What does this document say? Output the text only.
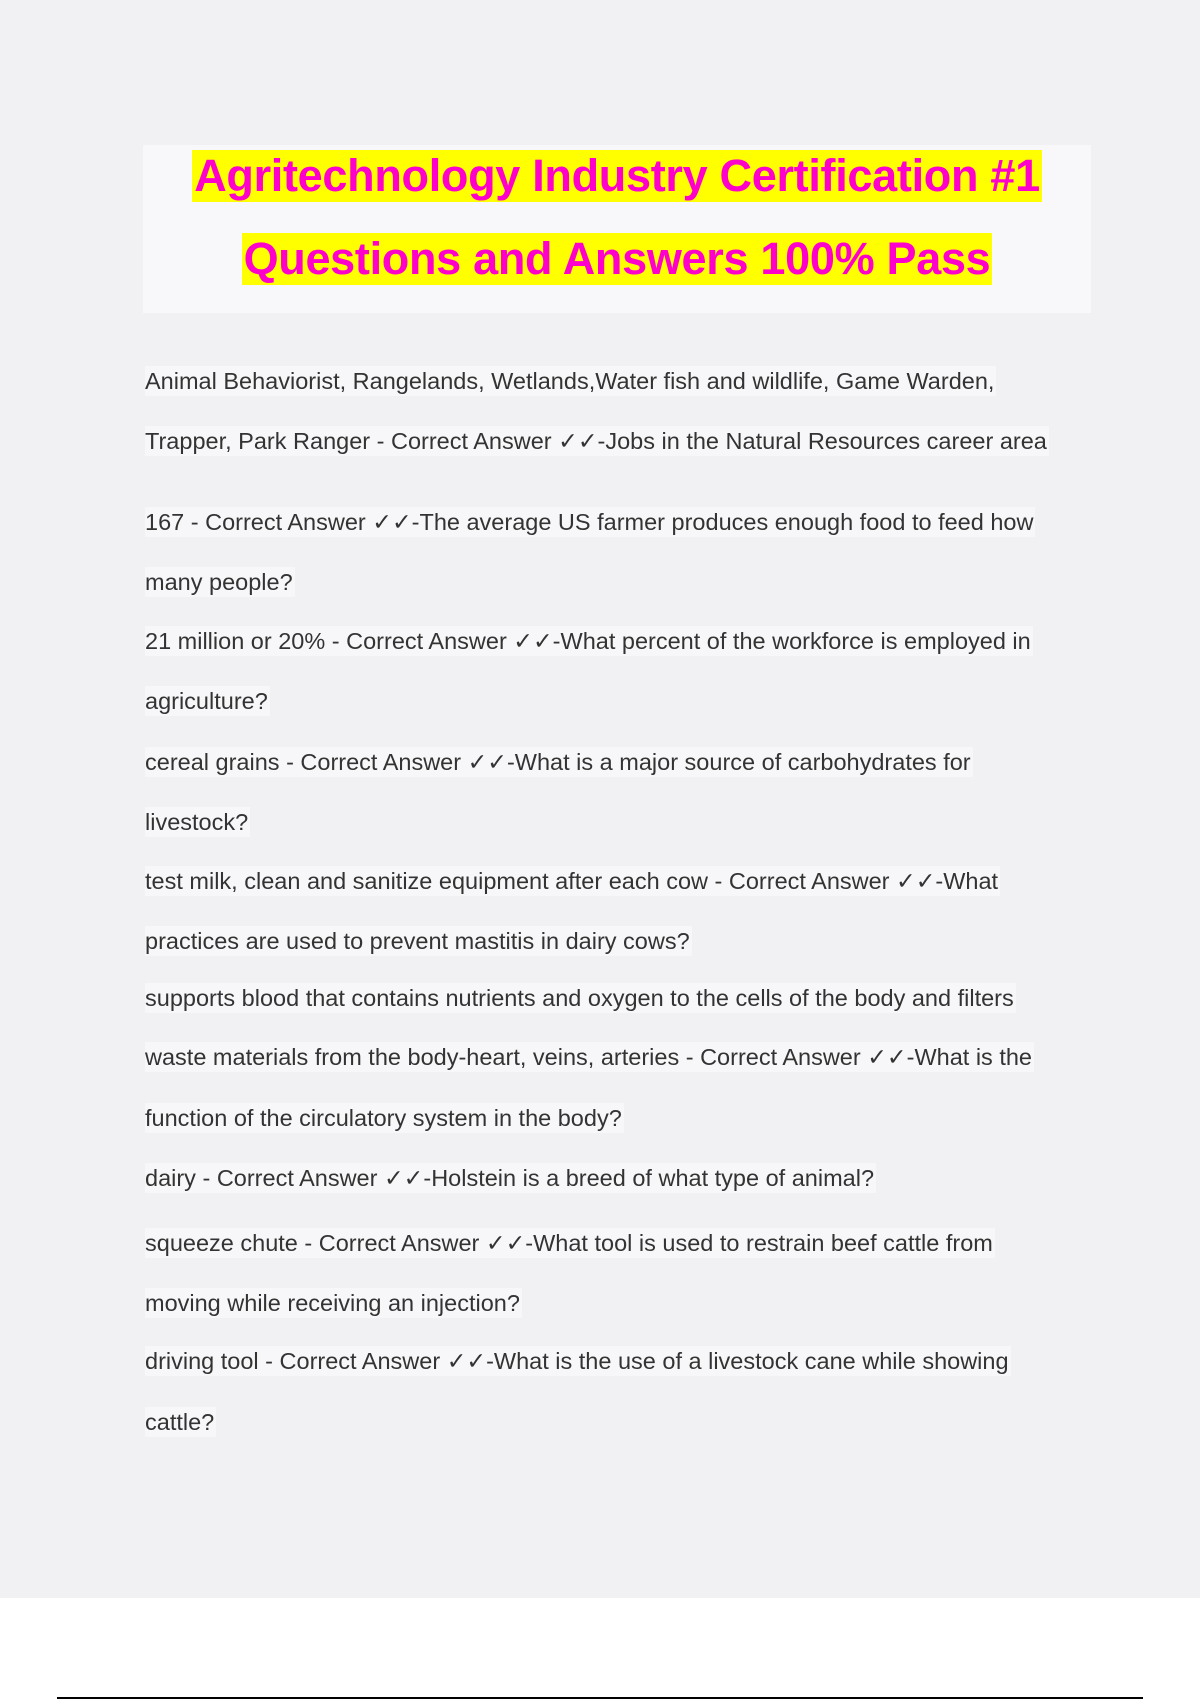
Agritechnology Industry Certification #1
Questions and Answers 100% Pass
Animal Behaviorist, Rangelands, Wetlands,Water fish and wildlife, Game Warden,
Trapper, Park Ranger - Correct Answer ✓✓-Jobs in the Natural Resources career area
167 - Correct Answer ✓✓-The average US farmer produces enough food to feed how
many people?
21 million or 20% - Correct Answer ✓✓-What percent of the workforce is employed in
agriculture?
cereal grains - Correct Answer ✓✓-What is a major source of carbohydrates for
livestock?
test milk, clean and sanitize equipment after each cow - Correct Answer ✓✓-What
practices are used to prevent mastitis in dairy cows?
supports blood that contains nutrients and oxygen to the cells of the body and filters
waste materials from the body-heart, veins, arteries - Correct Answer ✓✓-What is the
function of the circulatory system in the body?
dairy - Correct Answer ✓✓-Holstein is a breed of what type of animal?
squeeze chute - Correct Answer ✓✓-What tool is used to restrain beef cattle from
moving while receiving an injection?
driving tool - Correct Answer ✓✓-What is the use of a livestock cane while showing
cattle?
